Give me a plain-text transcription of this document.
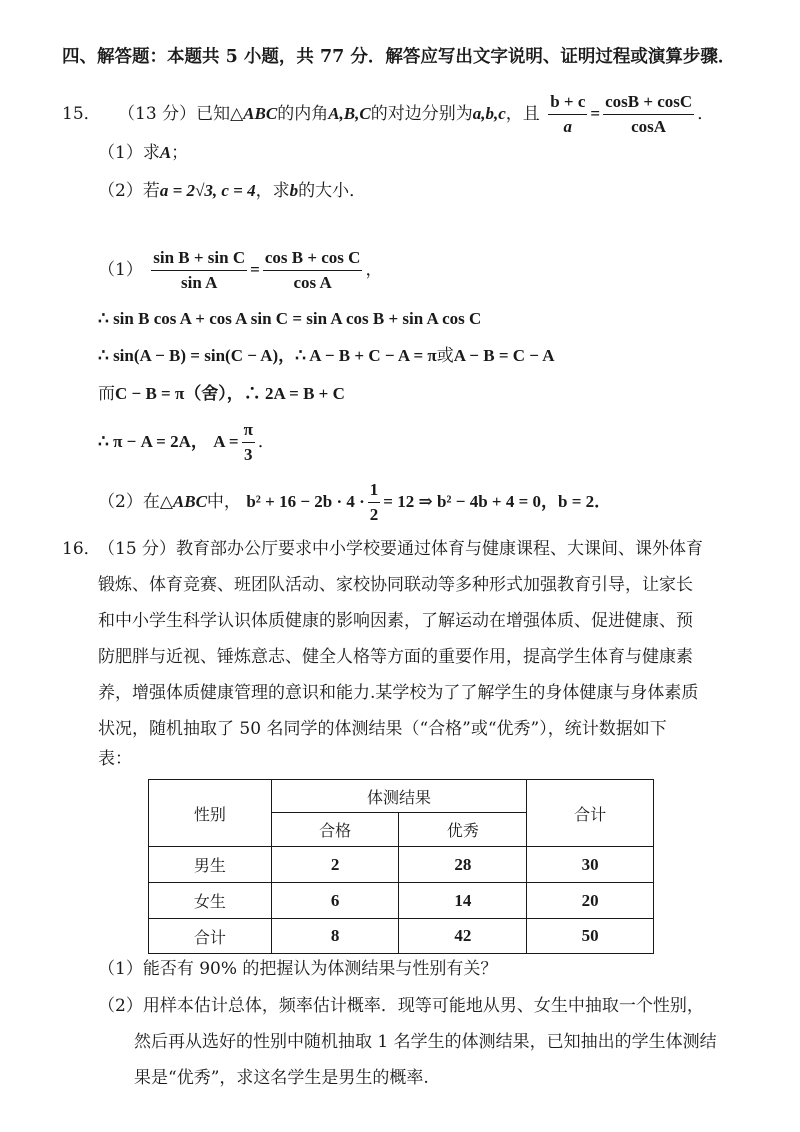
四、解答题：本题共 5 小题，共 77 分．解答应写出文字说明、证明过程或演算步骤．
15． （13 分）已知△ABC的内角A,B,C的对边分别为a,b,c，且 $\frac{b + c}{a} = \frac{\cos B + \cos C}{\cos A}$ ．
（1）求A；
（2）若a = 2√3, c = 4，求b的大小．
$(1) \frac{\text{sin B + sin C}}{\text{sin A}} = \frac{\text{cos B + cos C}}{\text{cos A}}$ ，
∴ sin B cos A + cos A sin C = sin A cos B + sin A cos C
∴ sin(A − B) = sin(C − A)，∴ A − B + C − A = π或A − B = C − A
而C − B = π（舍），∴ 2A = B + C
∴ π − A = 2A， $A = \frac{\pi}{3}$ ．
（2）在△ABC中， $b^2 + 16 - 2b \cdot 4 \cdot \frac{1}{2} = 12$ ⇒ b² − 4b + 4 = 0，b = 2．
16．
（15 分）教育部办公厅要求中小学校要通过体育与健康课程、大课间、课外体育
锻炼、体育竞赛、班团队活动、家校协同联动等多种形式加强教育引导，让家长
和中小学生科学认识体质健康的影响因素，了解运动在增强体质、促进健康、预
防肥胖与近视、锤炼意志、健全人格等方面的重要作用，提高学生体育与健康素
养，增强体质健康管理的意识和能力.某学校为了了解学生的身体健康与身体素质
状况，随机抽取了 50 名同学的体测结果（“合格”或“优秀”），统计数据如下
表：
性别	体测结果		合计
	合格	优秀	
男生	2	28	30
女生	6	14	20
合计	8	42	50
（1）能否有 90% 的把握认为体测结果与性别有关？
（2）用样本估计总体，频率估计概率．现等可能地从男、女生中抽取一个性别，
然后再从选好的性别中随机抽取 1 名学生的体测结果，已知抽出的学生体测结
果是“优秀”，求这名学生是男生的概率.
